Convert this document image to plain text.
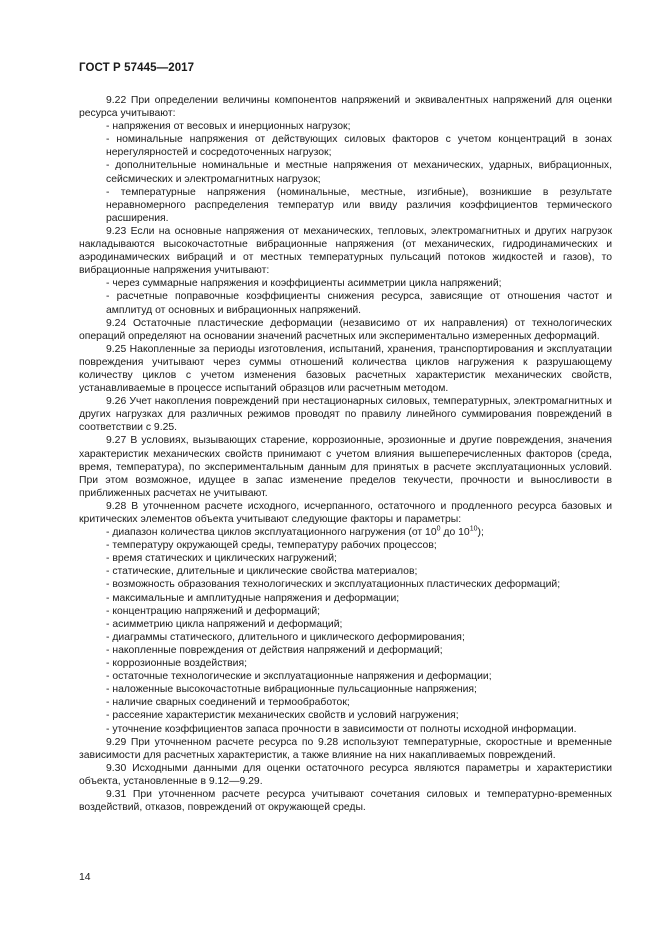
ГОСТ Р 57445—2017

9.22 При определении величины компонентов напряжений и эквивалентных напряжений для оценки ресурса учитывают:

- напряжения от весовых и инерционных нагрузок;

- номинальные напряжения от действующих силовых факторов с учетом концентраций в зонах нерегулярностей и сосредоточенных нагрузок;

- дополнительные номинальные и местные напряжения от механических, ударных, вибрационных, сейсмических и электромагнитных нагрузок;

- температурные напряжения (номинальные, местные, изгибные), возникшие в результате неравномерного распределения температур или ввиду различия коэффициентов термического расширения.

9.23 Если на основные напряжения от механических, тепловых, электромагнитных и других нагрузок накладываются высокочастотные вибрационные напряжения (от механических, гидродинамических и аэродинамических вибраций и от местных температурных пульсаций потоков жидкостей и газов), то вибрационные напряжения учитывают:

- через суммарные напряжения и коэффициенты асимметрии цикла напряжений;

- расчетные поправочные коэффициенты снижения ресурса, зависящие от отношения частот и амплитуд от основных и вибрационных напряжений.

9.24 Остаточные пластические деформации (независимо от их направления) от технологических операций определяют на основании значений расчетных или экспериментально измеренных деформаций.

9.25 Накопленные за периоды изготовления, испытаний, хранения, транспортирования и эксплуатации повреждения учитывают через суммы отношений количества циклов нагружения к разрушающему количеству циклов с учетом изменения базовых расчетных характеристик механических свойств, устанавливаемые в процессе испытаний образцов или расчетным методом.

9.26 Учет накопления повреждений при нестационарных силовых, температурных, электромагнитных и других нагрузках для различных режимов проводят по правилу линейного суммирования повреждений в соответствии с 9.25.

9.27 В условиях, вызывающих старение, коррозионные, эрозионные и другие повреждения, значения характеристик механических свойств принимают с учетом влияния вышеперечисленных факторов (среда, время, температура), по экспериментальным данным для принятых в расчете эксплуатационных условий. При этом возможное, идущее в запас изменение пределов текучести, прочности и выносливости в приближенных расчетах не учитывают.

9.28 В уточненном расчете исходного, исчерпанного, остаточного и продленного ресурса базовых и критических элементов объекта учитывают следующие факторы и параметры:

- диапазон количества циклов эксплуатационного нагружения (от $10^0$ до $10^{10}$);

- температуру окружающей среды, температуру рабочих процессов;

- время статических и циклических нагружений;

- статические, длительные и циклические свойства материалов;

- возможность образования технологических и эксплуатационных пластических деформаций;

- максимальные и амплитудные напряжения и деформации;

- концентрацию напряжений и деформаций;

- асимметрию цикла напряжений и деформаций;

- диаграммы статического, длительного и циклического деформирования;

- накопленные повреждения от действия напряжений и деформаций;

- коррозионные воздействия;

- остаточные технологические и эксплуатационные напряжения и деформации;

- наложенные высокочастотные вибрационные пульсационные напряжения;

- наличие сварных соединений и термообработок;

- рассеяние характеристик механических свойств и условий нагружения;

- уточнение коэффициентов запаса прочности в зависимости от полноты исходной информации.

9.29 При уточненном расчете ресурса по 9.28 используют температурные, скоростные и временные зависимости для расчетных характеристик, а также влияние на них накапливаемых повреждений.

9.30 Исходными данными для оценки остаточного ресурса являются параметры и характеристики объекта, установленные в 9.12—9.29.

9.31 При уточненном расчете ресурса учитывают сочетания силовых и температурно-временных воздействий, отказов, повреждений от окружающей среды.

14
